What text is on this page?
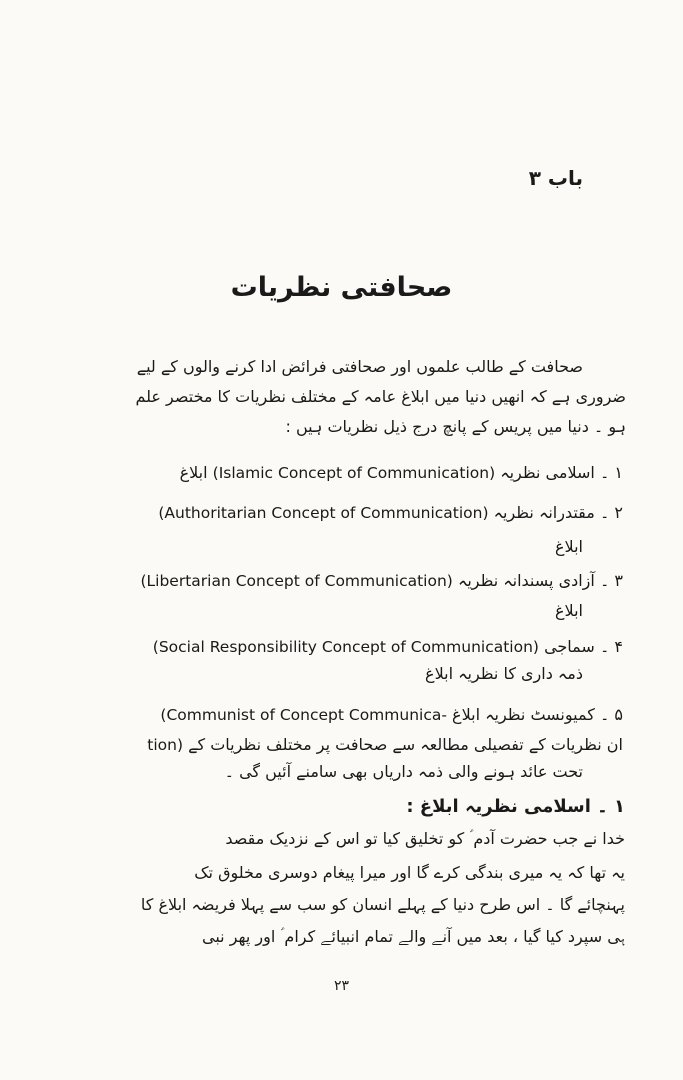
باب ۳
صحافتی نظریات
صحافت کے طالب علموں اور صحافتی فرائض ادا کرنے والوں کے لیے
ضروری ہے کہ انھیں دنیا میں ابلاغ عامہ کے مختلف نظریات کا مختصر علم
ہو ۔ دنیا میں پریس کے پانچ درج ذیل نظریات ہیں :
۱ ۔ اسلامی نظریہ (Islamic Concept of Communication) ابلاغ
۲ ۔ مقتدرانہ نظریہ (Authoritarian Concept of Communication)
ابلاغ
۳ ۔ آزادی پسندانہ نظریہ (Libertarian Concept of Communication)
ابلاغ
۴ ۔ سماجی (Social Responsibility Concept of Communication)
ذمہ داری کا نظریہ ابلاغ
۵ ۔ کمیونسٹ نظریہ ابلاغ (Communist of Concept Communica-
ان نظریات کے تفصیلی مطالعہ سے صحافت پر مختلف نظریات کے tion)
تحت عائد ہونے والی ذمہ داریاں بھی سامنے آئیں گی ۔
۱ ۔ اسلامی نظریہ ابلاغ :
خدا نے جب حضرت آدم ؑ کو تخلیق کیا تو اس کے نزدیک مقصد
یہ تھا کہ یہ میری بندگی کرے گا اور میرا پیغام دوسری مخلوق تک
پہنچائے گا ۔ اس طرح دنیا کے پہلے انسان کو سب سے پہلا فریضہ ابلاغ کا
ہی سپرد کیا گیا ، بعد میں آنے والے تمام انبیائے کرام ؑ اور پھر نبی
۲۳
